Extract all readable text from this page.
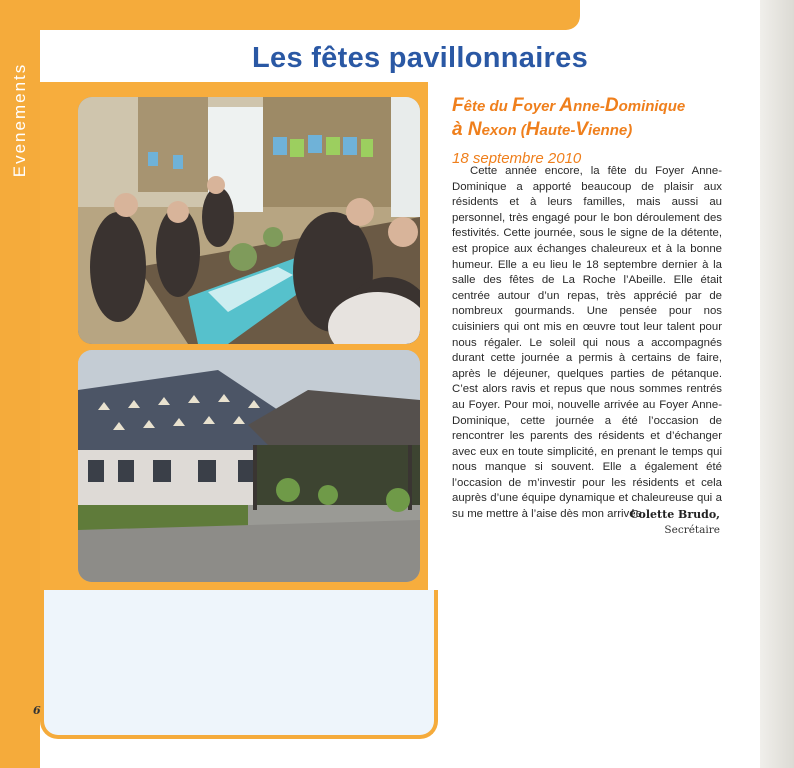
Evenements
Les fêtes pavillonnaires
Fête du Foyer Anne-Dominique
à Nexon (Haute-Vienne)
18 septembre 2010
Cette année encore, la fête du Foyer Anne-Dominique a apporté beaucoup de plaisir aux résidents et à leurs familles, mais aussi au personnel, très engagé pour le bon déroulement des festivités. Cette journée, sous le signe de la détente, est propice aux échanges chaleureux et à la bonne humeur. Elle a eu lieu le 18 septembre dernier à la salle des fêtes de La Roche l’Abeille. Elle était centrée autour d’un repas, très apprécié par de nombreux gourmands. Une pensée pour nos cuisiniers qui ont mis en œuvre tout leur talent pour nous régaler. Le soleil qui nous a accompagnés durant cette journée a permis à certains de faire, après le déjeuner, quelques parties de pétanque. C’est alors ravis et repus que nous sommes rentrés au Foyer. Pour moi, nouvelle arrivée au Foyer Anne-Dominique, cette journée a été l’occasion de rencontrer les parents des résidents et d’échanger avec eux en toute simplicité, en prenant le temps qui nous manque si souvent. Elle a également été l’occasion de m’investir pour les résidents et cela auprès d’une équipe dynamique et chaleureuse qui a su me mettre à l’aise dès mon arrivée.
Colette Brudo,
Secrétaire
6
